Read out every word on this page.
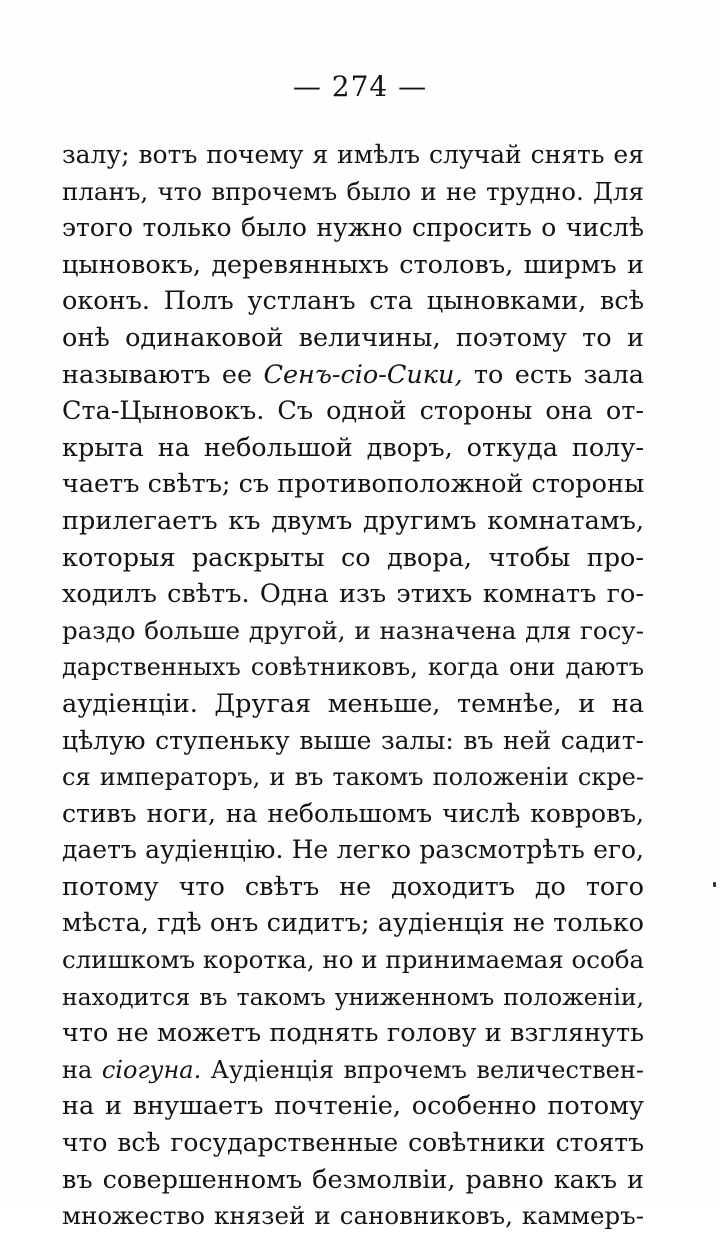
— 274 —
залу; вотъ почему я имѣлъ случай снять ея
планъ, что впрочемъ было и не трудно. Для
этого только было нужно спросить о числѣ
цыновокъ, деревянныхъ столовъ, ширмъ и
оконъ. Полъ устланъ ста цыновками, всѣ
онѣ одинаковой величины, поэтому то и
называютъ ее Сенъ-сіо-Сики, то есть зала
Ста-Цыновокъ. Съ одной стороны она от-
крыта на небольшой дворъ, откуда полу-
чаетъ свѣтъ; съ противоположной стороны
прилегаетъ къ двумъ другимъ комнатамъ,
которыя раскрыты со двора, чтобы про-
ходилъ свѣтъ. Одна изъ этихъ комнатъ го-
раздо больше другой, и назначена для госу-
дарственныхъ совѣтниковъ, когда они даютъ
аудіенціи. Другая меньше, темнѣе, и на
цѣлую ступеньку выше залы: въ ней садит-
ся императоръ, и въ такомъ положеніи скре-
стивъ ноги, на небольшомъ числѣ ковровъ,
даетъ аудіенцію. Не легко разсмотрѣть его,
потому что свѣтъ не доходитъ до того
мѣста, гдѣ онъ сидитъ; аудіенція не только
слишкомъ коротка, но и принимаемая особа
находится въ такомъ униженномъ положеніи,
что не можетъ поднять голову и взглянуть
на сіогуна. Аудіенція впрочемъ величествен-
на и внушаетъ почтеніе, особенно потому
что всѣ государственные совѣтники стоятъ
въ совершенномъ безмолвіи, равно какъ и
множество князей и сановниковъ, каммеръ-
